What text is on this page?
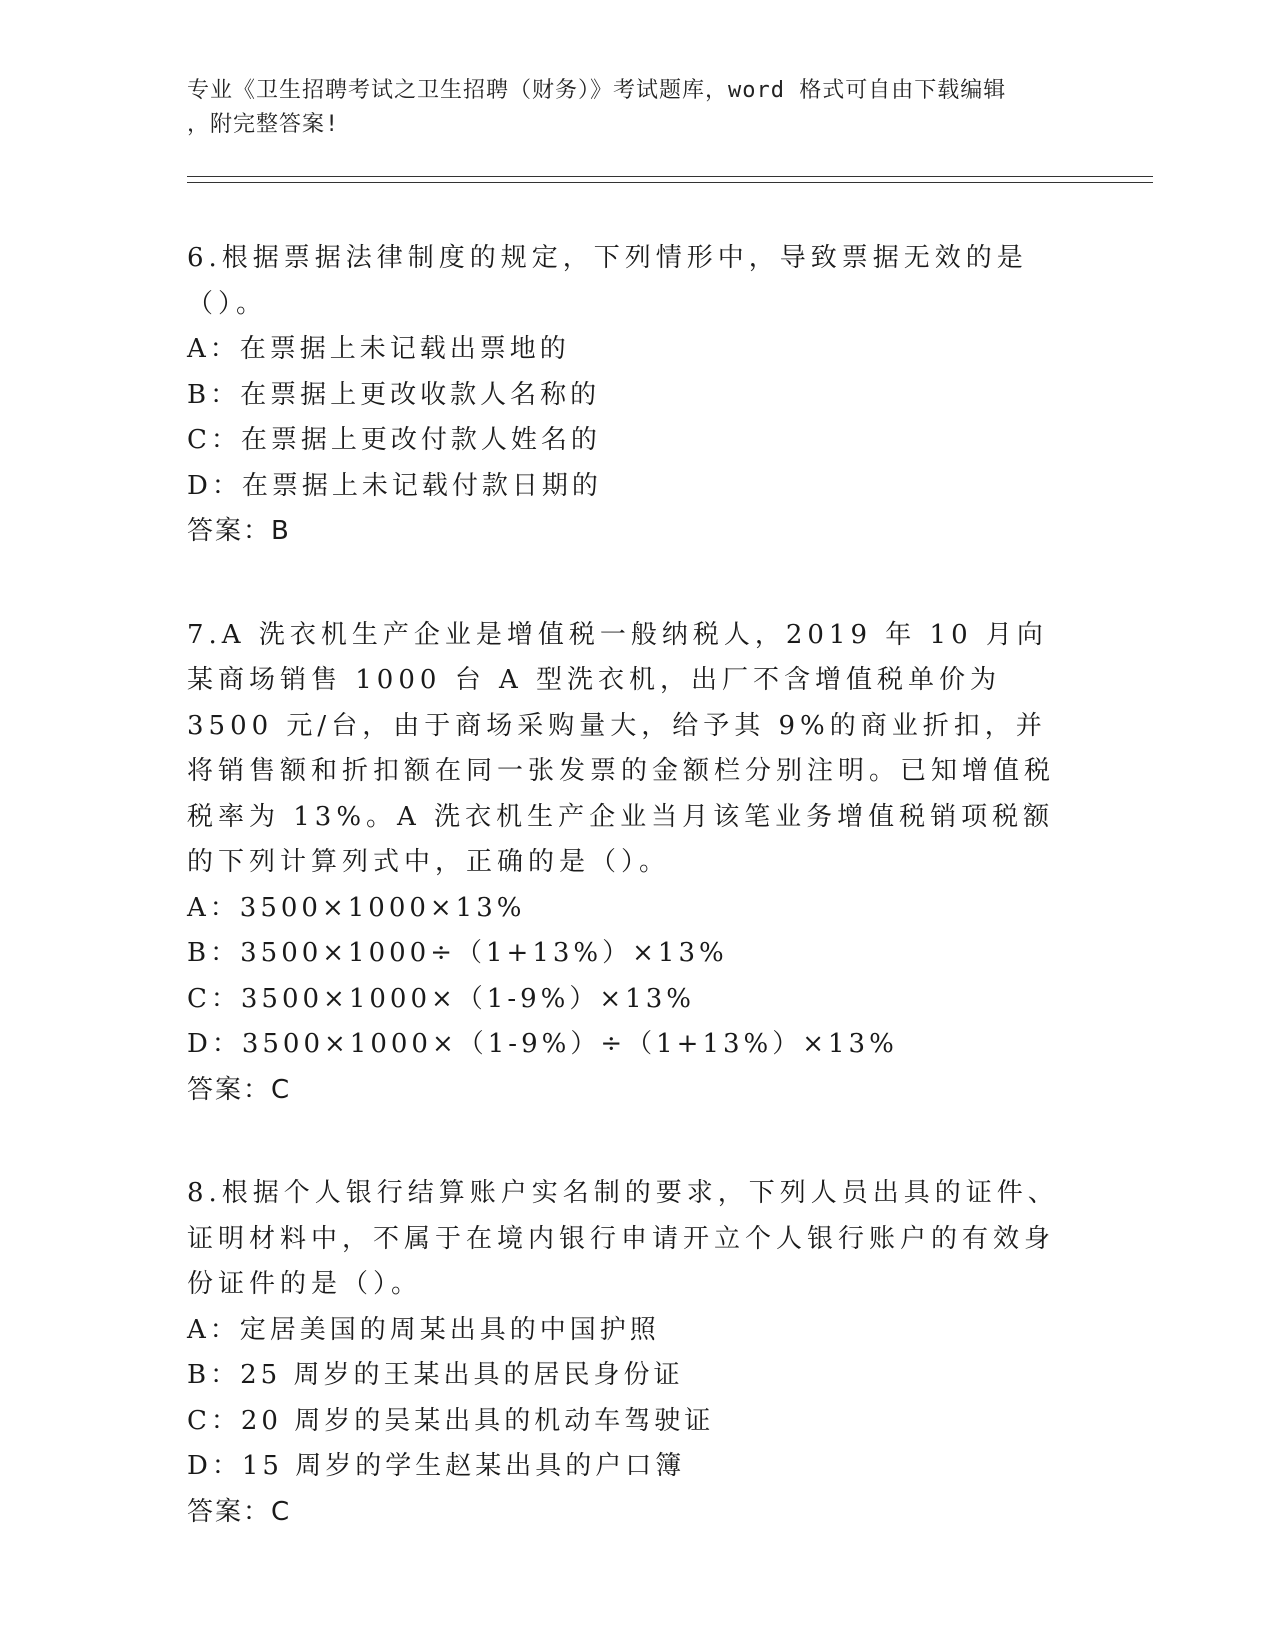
专业《卫生招聘考试之卫生招聘（财务）》考试题库，word 格式可自由下载编辑
，附完整答案!

6.根据票据法律制度的规定，下列情形中，导致票据无效的是（）。

A：在票据上未记载出票地的

B：在票据上更改收款人名称的

C：在票据上更改付款人姓名的

D：在票据上未记载付款日期的

答案：B

7.A 洗衣机生产企业是增值税一般纳税人，2019 年 10 月向某商场销售 1000 台 A 型洗衣机，出厂不含增值税单价为 3500 元/台，由于商场采购量大，给予其 9%的商业折扣，并将销售额和折扣额在同一张发票的金额栏分别注明。已知增值税税率为 13%。A 洗衣机生产企业当月该笔业务增值税销项税额的下列计算列式中，正确的是（）。

A：3500×1000×13%

B：3500×1000÷（1+13%）×13%

C：3500×1000×（1-9%）×13%

D：3500×1000×（1-9%）÷（1+13%）×13%

答案：C

8.根据个人银行结算账户实名制的要求，下列人员出具的证件、证明材料中，不属于在境内银行申请开立个人银行账户的有效身份证件的是（）。

A：定居美国的周某出具的中国护照

B：25 周岁的王某出具的居民身份证

C：20 周岁的吴某出具的机动车驾驶证

D：15 周岁的学生赵某出具的户口簿

答案：C
